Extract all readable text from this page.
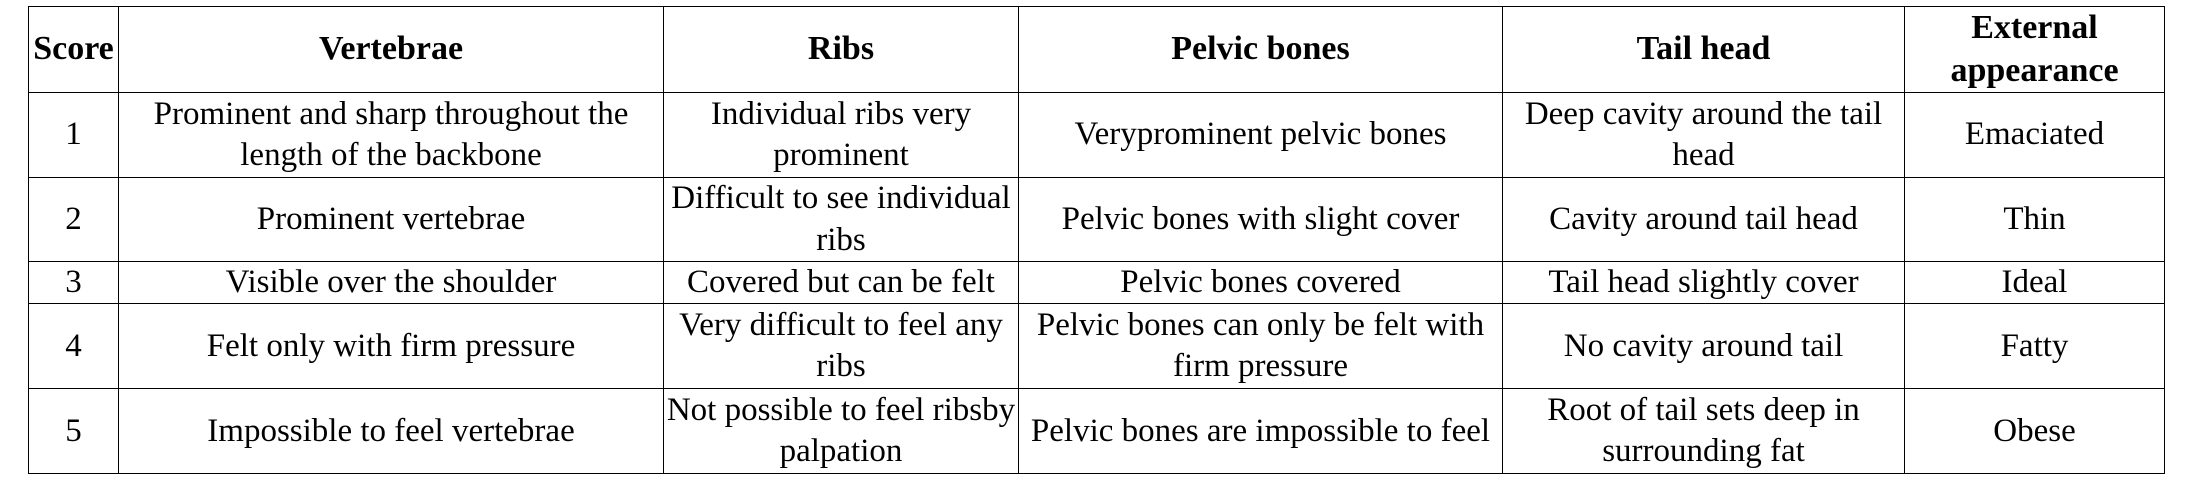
Score	Vertebrae	Ribs	Pelvic bones	Tail head	External appearance
1	Prominent and sharp throughout the length of the backbone	Individual ribs very prominent	Veryprominent pelvic bones	Deep cavity around the tail head	Emaciated
2	Prominent vertebrae	Difficult to see individual ribs	Pelvic bones with slight cover	Cavity around tail head	Thin
3	Visible over the shoulder	Covered but can be felt	Pelvic bones covered	Tail head slightly cover	Ideal
4	Felt only with firm pressure	Very difficult to feel any ribs	Pelvic bones can only be felt with firm pressure	No cavity around tail	Fatty
5	Impossible to feel vertebrae	Not possible to feel ribsby palpation	Pelvic bones are impossible to feel	Root of tail sets deep in surrounding fat	Obese
